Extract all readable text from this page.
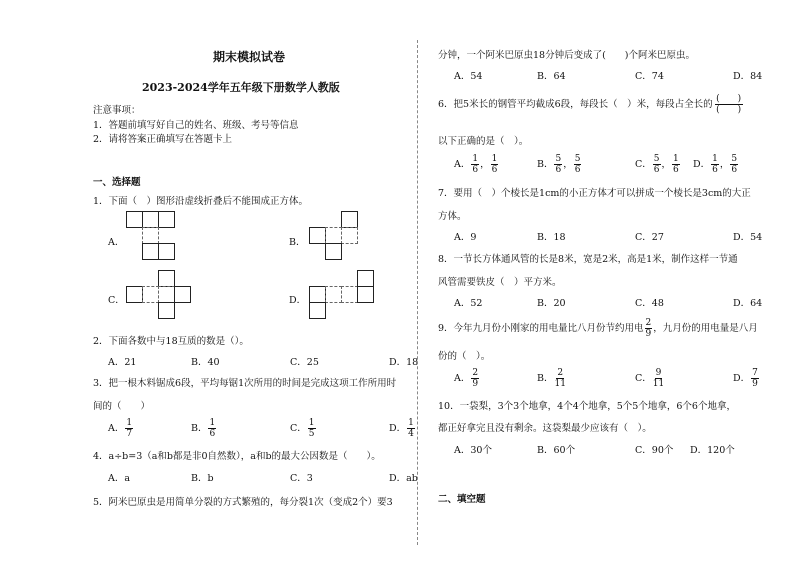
期末模拟试卷
2023-2024学年五年级下册数学人教版
注意事项：
1．答题前填写好自己的姓名、班级、考号等信息
2．请将答案正确填写在答题卡上
一、选择题
1．下面（　）图形沿虚线折叠后不能围成正方体。
A．	B．
C．	D．
2．下面各数中与18互质的数是（）。
A．21	B．40	C．25	D．18
3．把一根木料锯成6段，平均每锯1次所用的时间是完成这项工作所用时
间的（　　）
A． $\frac{1}{7}$	B． $\frac{1}{6}$	C． $\frac{1}{5}$	D． $\frac{1}{4}$
4．a÷b=3（a和b都是非0自然数），a和b的最大公因数是（　　）。
A．a	B．b	C．3	D．ab
5．阿米巴原虫是用简单分裂的方式繁殖的，每分裂1次（变成2个）要3
分钟，一个阿米巴原虫18分钟后变成了(　　)个阿米巴原虫。
A．54	B．64	C．74	D．84
6．把5米长的钢管平均截成6段，每段长（　）米，每段占全长的 $\frac{( )}{( )}$
以下正确的是（　）。
A． $\frac{1}{6}$ ， $\frac{1}{6}$	B． $\frac{5}{6}$ ， $\frac{5}{6}$	C． $\frac{5}{6}$ ， $\frac{1}{6}$ D． $\frac{1}{6}$ ， $\frac{5}{6}$
7．要用（　）个棱长是1cm的小正方体才可以拼成一个棱长是3cm的大正
方体。
A．9	B．18	C．27	D．54
8．一节长方体通风管的长是8米，宽是2米，高是1米，制作这样一节通
风管需要铁皮（　）平方米。
A．52	B．20	C．48	D．64
9．今年九月份小刚家的用电量比八月份节约用电 $\frac{2}{9}$ ，九月份的用电量是八月
份的（　）。
A． $\frac{2}{9}$	B． $\frac{2}{11}$	C． $\frac{9}{11}$	D． $\frac{7}{9}$
10．一袋梨，3个3个地拿，4个4个地拿，5个5个地拿，6个6个地拿，
都正好拿完且没有剩余。这袋梨最少应该有（　）。
A．30个	B．60个	C．90个 D．120个
二、填空题
